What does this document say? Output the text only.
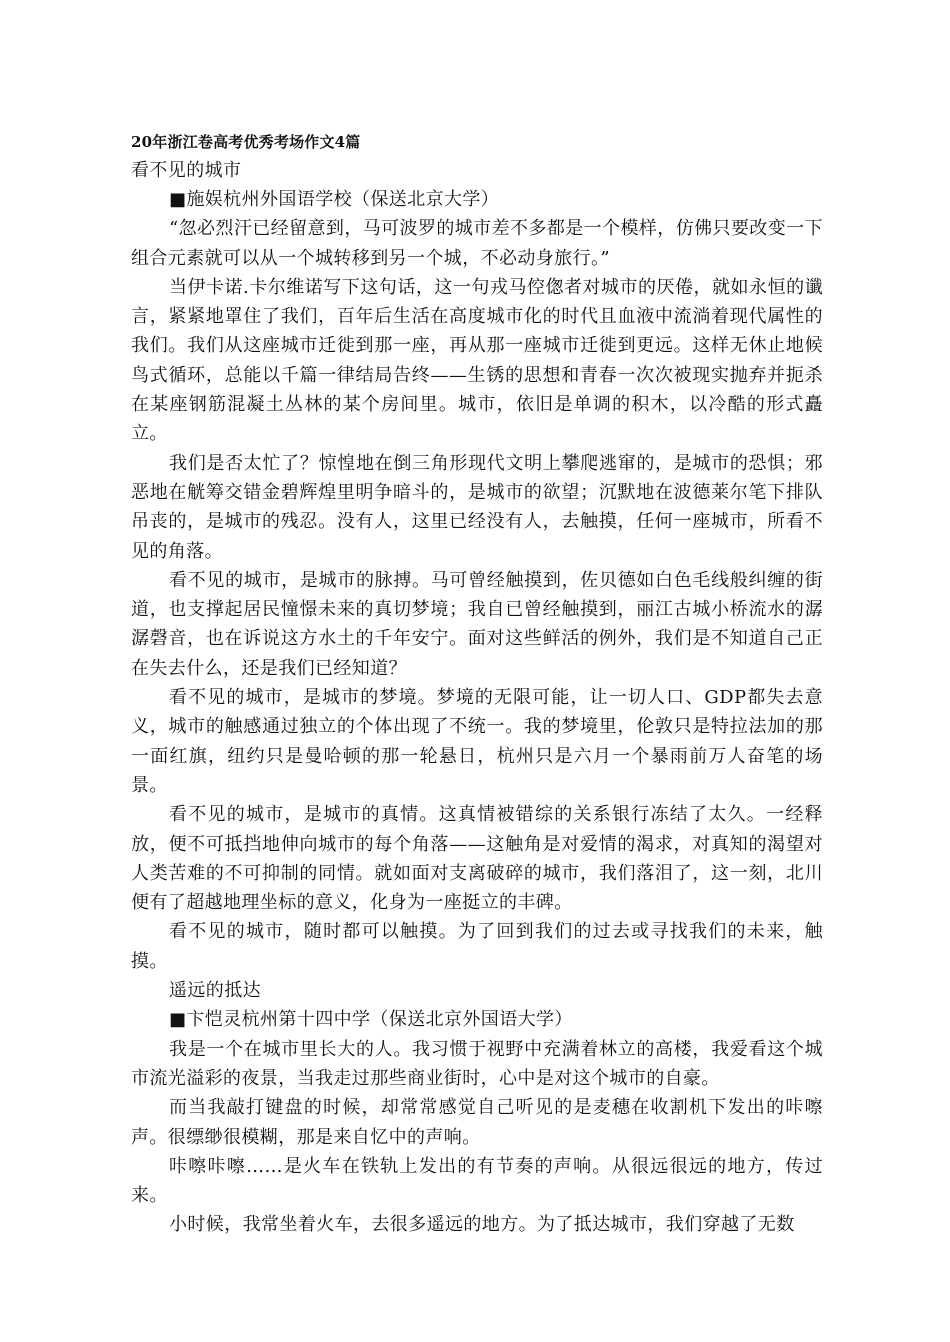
20年浙江卷高考优秀考场作文4篇

看不见的城市

■施娱杭州外国语学校（保送北京大学）

“忽必烈汗已经留意到，马可波罗的城市差不多都是一个模样，仿佛只要改变一下组合元素就可以从一个城转移到另一个城，不必动身旅行。”

当伊卡诺.卡尔维诺写下这句话，这一句戎马倥偬者对城市的厌倦，就如永恒的谶言，紧紧地罩住了我们，百年后生活在高度城市化的时代且血液中流淌着现代属性的我们。我们从这座城市迁徙到那一座，再从那一座城市迁徙到更远。这样无休止地候鸟式循环，总能以千篇一律结局告终——生锈的思想和青春一次次被现实抛弃并扼杀在某座钢筋混凝土丛林的某个房间里。城市，依旧是单调的积木，以冷酷的形式矗立。

我们是否太忙了？惊惶地在倒三角形现代文明上攀爬逃窜的，是城市的恐惧；邪恶地在觥筹交错金碧辉煌里明争暗斗的，是城市的欲望；沉默地在波德莱尔笔下排队吊丧的，是城市的残忍。没有人，这里已经没有人，去触摸，任何一座城市，所看不见的角落。

看不见的城市，是城市的脉搏。马可曾经触摸到，佐贝德如白色毛线般纠缠的街道，也支撑起居民憧憬未来的真切梦境；我自已曾经触摸到，丽江古城小桥流水的潺潺磬音，也在诉说这方水土的千年安宁。面对这些鲜活的例外，我们是不知道自己正在失去什么，还是我们已经知道？

看不见的城市，是城市的梦境。梦境的无限可能，让一切人口、GDP都失去意义，城市的触感通过独立的个体出现了不统一。我的梦境里，伦敦只是特拉法加的那一面红旗，纽约只是曼哈顿的那一轮悬日，杭州只是六月一个暴雨前万人奋笔的场景。

看不见的城市，是城市的真情。这真情被错综的关系银行冻结了太久。一经释放，便不可抵挡地伸向城市的每个角落——这触角是对爱情的渴求，对真知的渴望对人类苦难的不可抑制的同情。就如面对支离破碎的城市，我们落泪了，这一刻，北川便有了超越地理坐标的意义，化身为一座挺立的丰碑。

看不见的城市，随时都可以触摸。为了回到我们的过去或寻找我们的未来，触摸。

遥远的抵达

■卞恺灵杭州第十四中学（保送北京外国语大学）

我是一个在城市里长大的人。我习惯于视野中充满着林立的高楼，我爱看这个城市流光溢彩的夜景，当我走过那些商业街时，心中是对这个城市的自豪。

而当我敲打键盘的时候，却常常感觉自己听见的是麦穗在收割机下发出的咔嚓声。很缥缈很模糊，那是来自忆中的声响。

咔嚓咔嚓……是火车在铁轨上发出的有节奏的声响。从很远很远的地方，传过来。

小时候，我常坐着火车，去很多遥远的地方。为了抵达城市，我们穿越了无数
